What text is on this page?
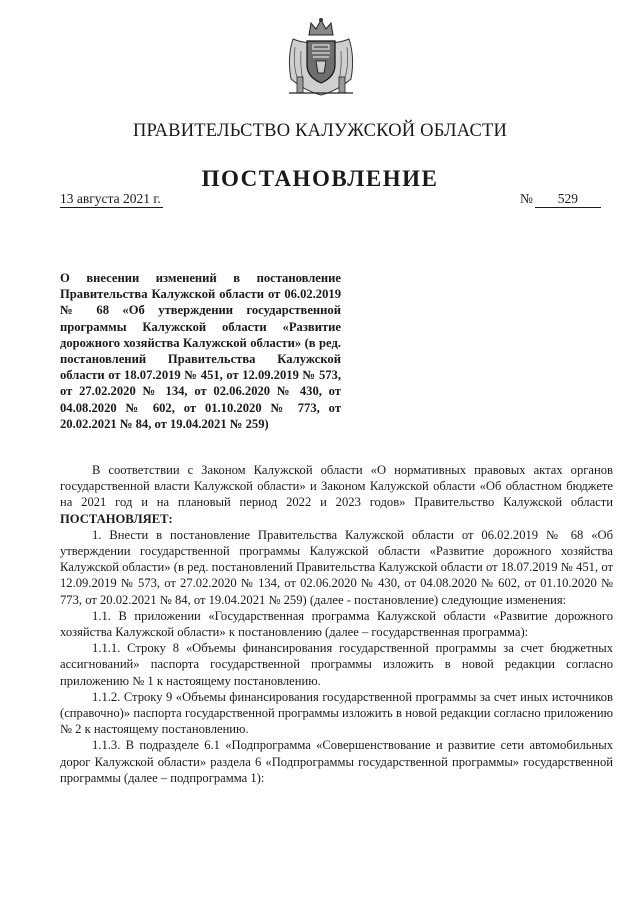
ПРАВИТЕЛЬСТВО КАЛУЖСКОЙ ОБЛАСТИ
ПОСТАНОВЛЕНИЕ
13 августа 2021 г.	№ 529
О внесении изменений в постановление Правительства Калужской области от 06.02.2019 № 68 «Об утверждении государственной программы Калужской области «Развитие дорожного хозяйства Калужской области» (в ред. постановлений Правительства Калужской области от 18.07.2019 № 451, от 12.09.2019 № 573, от 27.02.2020 № 134, от 02.06.2020 № 430, от 04.08.2020 № 602, от 01.10.2020 № 773, от 20.02.2021 № 84, от 19.04.2021 № 259)

В соответствии с Законом Калужской области «О нормативных правовых актах органов государственной власти Калужской области» и Законом Калужской области «Об областном бюджете на 2021 год и на плановый период 2022 и 2023 годов» Правительство Калужской области ПОСТАНОВЛЯЕТ:

1. Внести в постановление Правительства Калужской области от 06.02.2019 № 68 «Об утверждении государственной программы Калужской области «Развитие дорожного хозяйства Калужской области» (в ред. постановлений Правительства Калужской области от 18.07.2019 № 451, от 12.09.2019 № 573, от 27.02.2020 № 134, от 02.06.2020 № 430, от 04.08.2020 № 602, от 01.10.2020 № 773, от 20.02.2021 № 84, от 19.04.2021 № 259) (далее - постановление) следующие изменения:

1.1. В приложении «Государственная программа Калужской области «Развитие дорожного хозяйства Калужской области» к постановлению (далее – государственная программа):

1.1.1. Строку 8 «Объемы финансирования государственной программы за счет бюджетных ассигнований» паспорта государственной программы изложить в новой редакции согласно приложению № 1 к настоящему постановлению.

1.1.2. Строку 9 «Объемы финансирования государственной программы за счет иных источников (справочно)» паспорта государственной программы изложить в новой редакции согласно приложению № 2 к настоящему постановлению.

1.1.3. В подразделе 6.1 «Подпрограмма «Совершенствование и развитие сети автомобильных дорог Калужской области» раздела 6 «Подпрограммы государственной программы» государственной программы (далее – подпрограмма 1):
